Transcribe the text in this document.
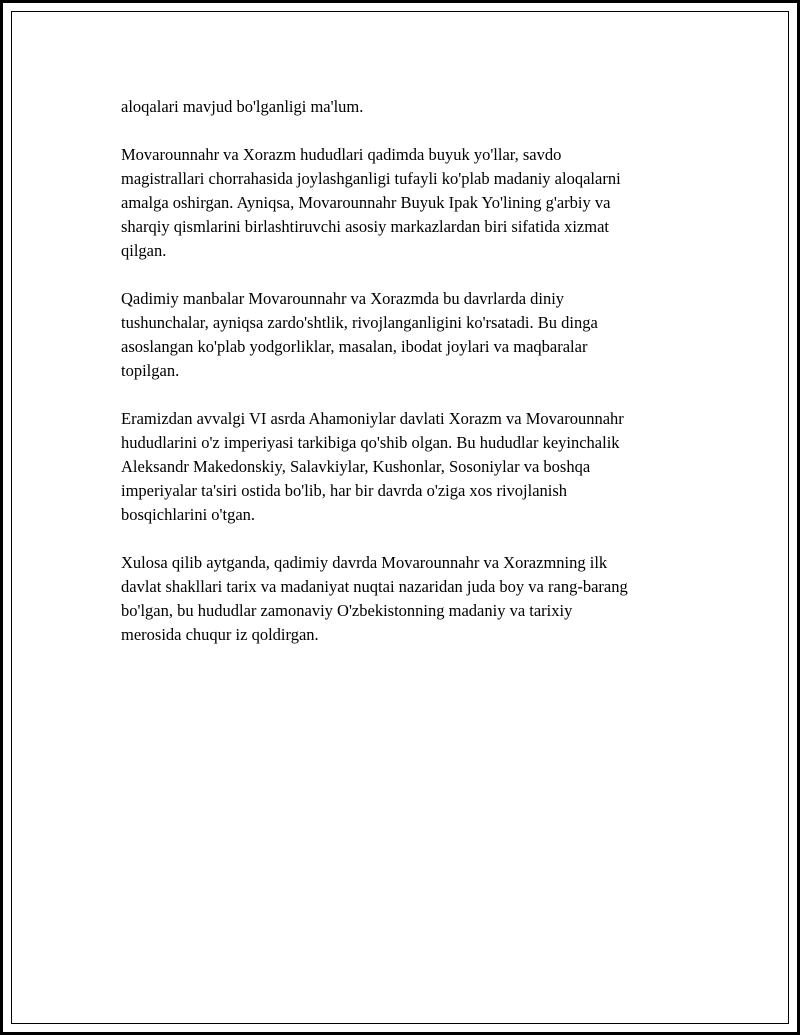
aloqalari mavjud bo'lganligi ma'lum.

Movarounnahr va Xorazm hududlari qadimda buyuk yo'llar, savdo
magistrallari chorrahasida joylashganligi tufayli ko'plab madaniy aloqalarni
amalga oshirgan. Ayniqsa, Movarounnahr Buyuk Ipak Yo'lining g'arbiy va
sharqiy qismlarini birlashtiruvchi asosiy markazlardan biri sifatida xizmat
qilgan.

Qadimiy manbalar Movarounnahr va Xorazmda bu davrlarda diniy
tushunchalar, ayniqsa zardo'shtlik, rivojlanganligini ko'rsatadi. Bu dinga
asoslangan ko'plab yodgorliklar, masalan, ibodat joylari va maqbaralar
topilgan.

Eramizdan avvalgi VI asrda Ahamoniylar davlati Xorazm va Movarounnahr
hududlarini o'z imperiyasi tarkibiga qo'shib olgan. Bu hududlar keyinchalik
Aleksandr Makedonskiy, Salavkiylar, Kushonlar, Sosoniylar va boshqa
imperiyalar ta'siri ostida bo'lib, har bir davrda o'ziga xos rivojlanish
bosqichlarini o'tgan.

Xulosa qilib aytganda, qadimiy davrda Movarounnahr va Xorazmning ilk
davlat shakllari tarix va madaniyat nuqtai nazaridan juda boy va rang-barang
bo'lgan, bu hududlar zamonaviy O'zbekistonning madaniy va tarixiy
merosida chuqur iz qoldirgan.
